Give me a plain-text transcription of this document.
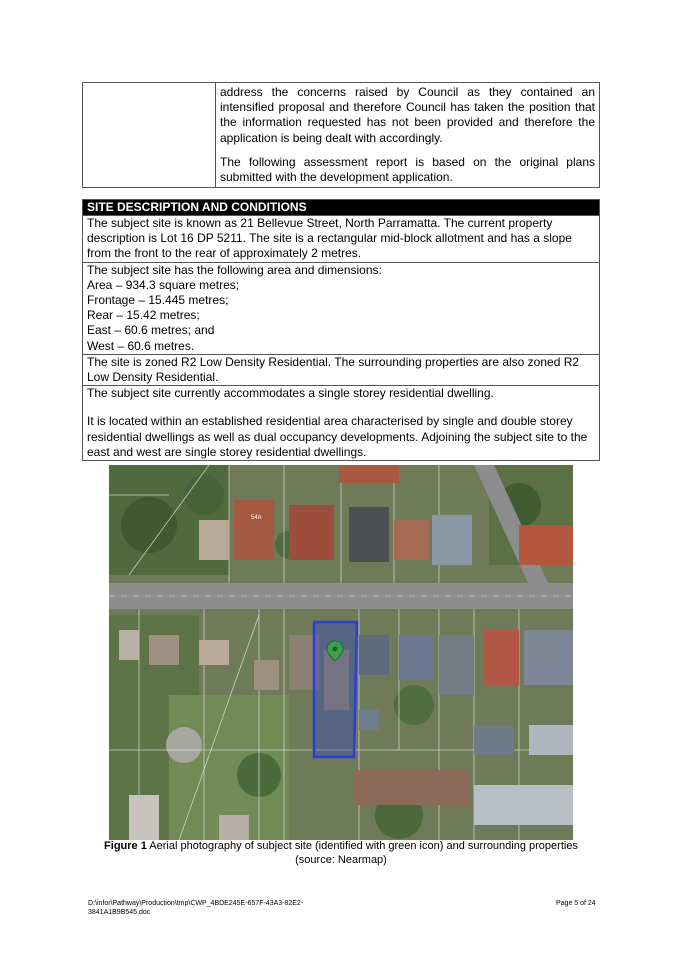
address the concerns raised by Council as they contained an intensified proposal and therefore Council has taken the position that the information requested has not been provided and therefore the application is being dealt with accordingly.

The following assessment report is based on the original plans submitted with the development application.

SITE DESCRIPTION AND CONDITIONS

The subject site is known as 21 Bellevue Street, North Parramatta. The current property description is Lot 16 DP 5211. The site is a rectangular mid-block allotment and has a slope from the front to the rear of approximately 2 metres.

The subject site has the following area and dimensions:

Area – 934.3 square metres;

Frontage – 15.445 metres;

Rear – 15.42 metres;

East – 60.6 metres; and

West – 60.6 metres.

The site is zoned R2 Low Density Residential. The surrounding properties are also zoned R2 Low Density Residential.

The subject site currently accommodates a single storey residential dwelling.

It is located within an established residential area characterised by single and double storey residential dwellings as well as dual occupancy developments. Adjoining the subject site to the east and west are single storey residential dwellings.

54A
Figure 1 Aerial photography of subject site (identified with green icon) and surrounding properties
(source: Nearmap)
D:\infor\Pathway\Production\tmp\CWP_4BDE245E-657F-43A3-82E2-
3841A1B9B545.doc
Page 5 of 24
